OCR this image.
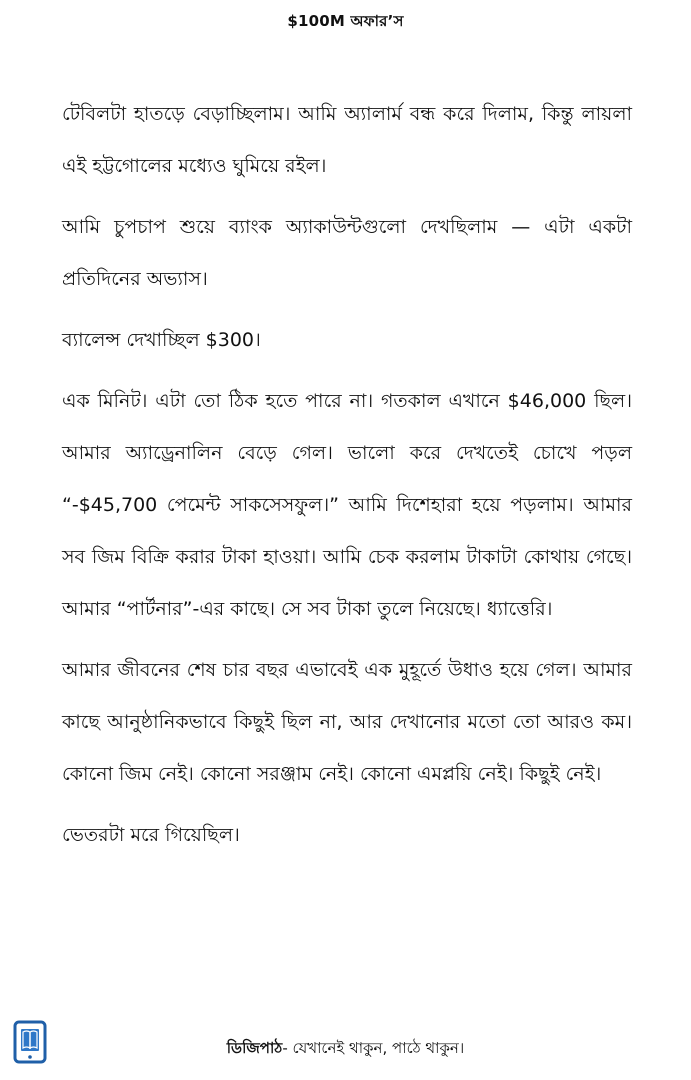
$100M অফার’স

টেবিলটা হাতড়ে বেড়াচ্ছিলাম। আমি অ্যালার্ম বন্ধ করে দিলাম, কিন্তু লায়লা এই হট্টগোলের মধ্যেও ঘুমিয়ে রইল।

আমি চুপচাপ শুয়ে ব্যাংক অ্যাকাউন্টগুলো দেখছিলাম — এটা একটা প্রতিদিনের অভ্যাস।

ব্যালেন্স দেখাচ্ছিল $300।

এক মিনিট। এটা তো ঠিক হতে পারে না। গতকাল এখানে $46,000 ছিল। আমার অ্যাড্রেনালিন বেড়ে গেল। ভালো করে দেখতেই চোখে পড়ল “-$45,700 পেমেন্ট সাকসেসফুল।” আমি দিশেহারা হয়ে পড়লাম। আমার সব জিম বিক্রি করার টাকা হাওয়া। আমি চেক করলাম টাকাটা কোথায় গেছে। আমার “পার্টনার”-এর কাছে। সে সব টাকা তুলে নিয়েছে। ধ্যাত্তেরি।

আমার জীবনের শেষ চার বছর এভাবেই এক মুহূর্তে উধাও হয়ে গেল। আমার কাছে আনুষ্ঠানিকভাবে কিছুই ছিল না, আর দেখানোর মতো তো আরও কম। কোনো জিম নেই। কোনো সরঞ্জাম নেই। কোনো এমপ্লয়ি নেই। কিছুই নেই।

ভেতরটা মরে গিয়েছিল।

ডিজিপাঠ- যেখানেই থাকুন, পাঠে থাকুন।
